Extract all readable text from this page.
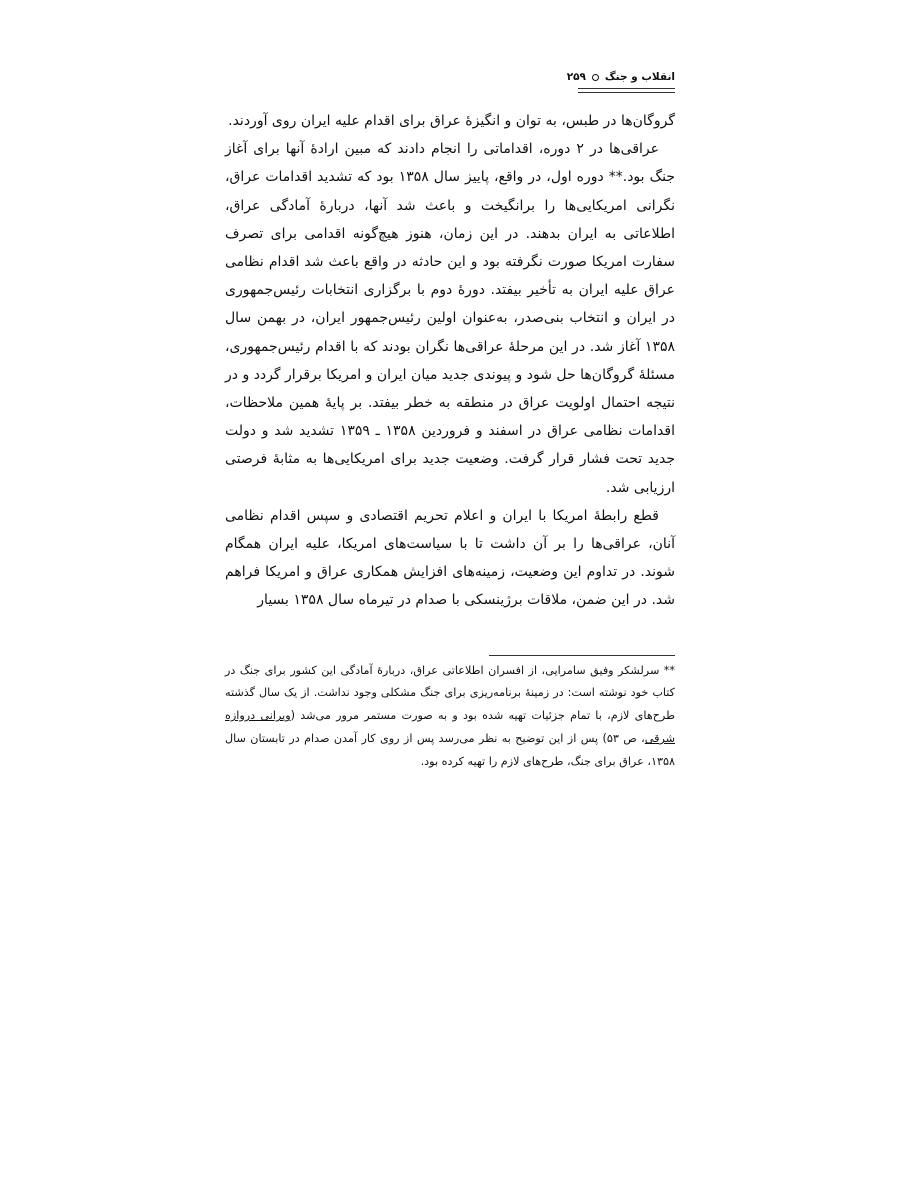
۲۵۹ انقلاب و جنگ

گروگان‌ها در طبس، به توان و انگیزهٔ عراق برای اقدام علیه ایران روی آوردند.

عراقی‌ها در ۲ دوره، اقداماتی را انجام دادند که مبین ارادهٔ آنها برای آغاز جنگ بود.** دوره اول، در واقع، پاییز سال ۱۳۵۸ بود که تشدید اقدامات عراق، نگرانی امریکایی‌ها را برانگیخت و باعث شد آنها، دربارهٔ آمادگی عراق، اطلاعاتی به ایران بدهند. در این زمان، هنوز هیچ‌گونه اقدامی برای تصرف سفارت امریکا صورت نگرفته بود و این حادثه در واقع باعث شد اقدام نظامی عراق علیه ایران به تأخیر بیفتد. دورهٔ دوم با برگزاری انتخابات رئیس‌جمهوری در ایران و انتخاب بنی‌صدر، به‌عنوان اولین رئیس‌جمهور ایران، در بهمن سال ۱۳۵۸ آغاز شد. در این مرحلهٔ عراقی‌ها نگران بودند که با اقدام رئیس‌جمهوری، مسئلهٔ گروگان‌ها حل شود و پیوندی جدید میان ایران و امریکا برقرار گردد و در نتیجه احتمال اولویت عراق در منطقه به خطر بیفتد. بر پایهٔ همین ملاحظات، اقدامات نظامی عراق در اسفند و فروردین ۱۳۵۸ ـ ۱۳۵۹ تشدید شد و دولت جدید تحت فشار قرار گرفت. وضعیت جدید برای امریکایی‌ها به مثابهٔ فرصتی ارزیابی شد.

قطع رابطهٔ امریکا با ایران و اعلام تحریم اقتصادی و سپس اقدام نظامی آنان، عراقی‌ها را بر آن داشت تا با سیاست‌های امریکا، علیه ایران همگام شوند. در تداوم این وضعیت، زمینه‌های افزایش همکاری عراق و امریکا فراهم شد. در این ضمن، ملاقات برژینسکی با صدام در تیرماه سال ۱۳۵۸ بسیار

** سرلشکر وفیق سامرایی، از افسران اطلاعاتی عراق، دربارهٔ آمادگی این کشور برای جنگ در کتاب خود نوشته است: در زمینهٔ برنامه‌ریزی برای جنگ مشکلی وجود نداشت. از یک سال گذشته طرح‌های لازم، با تمام جزئیات تهیه شده بود و به صورت مستمر مرور می‌شد (ویرانی دروازه شرقی، ص ۵۳) پس از این توضیح به نظر می‌رسد پس از روی کار آمدن صدام در تابستان سال ۱۳۵۸، عراق برای جنگ، طرح‌های لازم را تهیه کرده بود.
